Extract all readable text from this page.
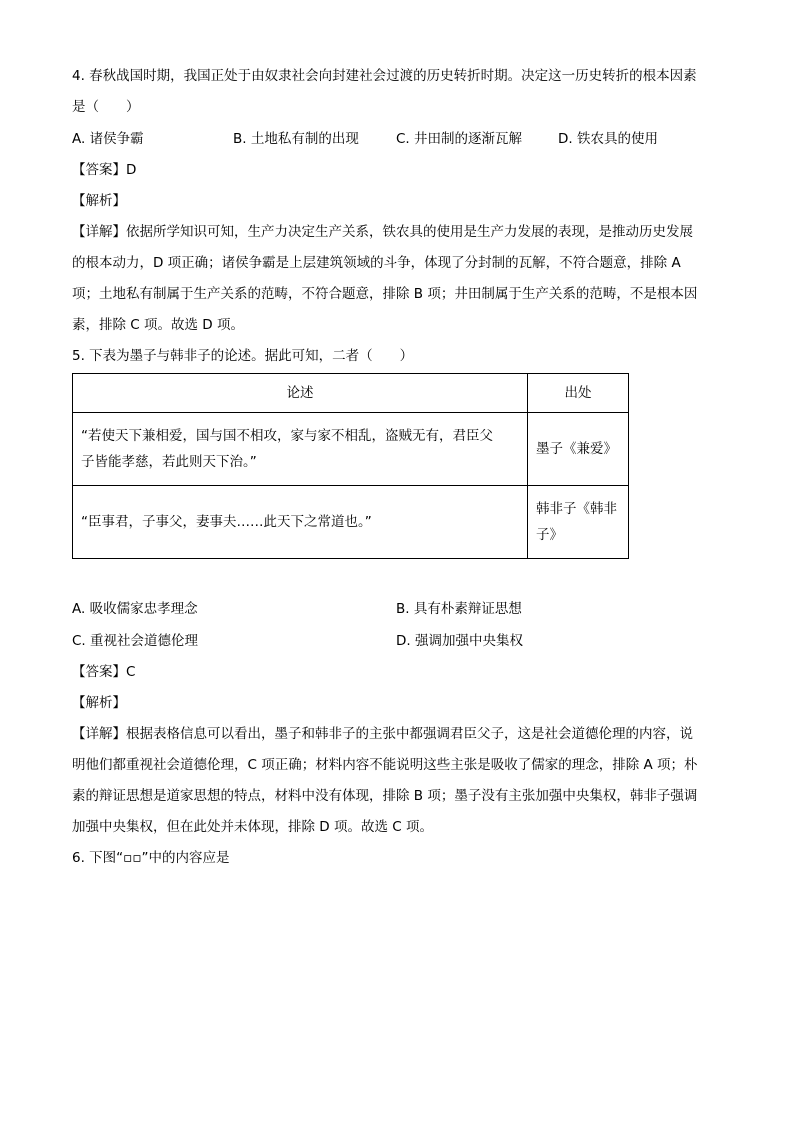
4. 春秋战国时期，我国正处于由奴隶社会向封建社会过渡的历史转折时期。决定这一历史转折的根本因素
是（　　）
A. 诸侯争霸	B. 土地私有制的出现	C. 井田制的逐渐瓦解	D. 铁农具的使用
【答案】D
【解析】
【详解】依据所学知识可知，生产力决定生产关系，铁农具的使用是生产力发展的表现，是推动历史发展
的根本动力，D 项正确；诸侯争霸是上层建筑领域的斗争，体现了分封制的瓦解，不符合题意，排除 A
项；土地私有制属于生产关系的范畴，不符合题意，排除 B 项；井田制属于生产关系的范畴，不是根本因
素，排除 C 项。故选 D 项。
5. 下表为墨子与韩非子的论述。据此可知，二者（　　）
论述	出处

“若使天下兼相爱，国与国不相攻，家与家不相乱，盗贼无有，君臣父
子皆能孝慈，若此则天下治。”	墨子《兼爱》

“臣事君，子事父，妻事夫……此天下之常道也。”	韩非子《韩非
子》
A. 吸收儒家忠孝理念	B. 具有朴素辩证思想
C. 重视社会道德伦理	D. 强调加强中央集权
【答案】C
【解析】
【详解】根据表格信息可以看出，墨子和韩非子的主张中都强调君臣父子，这是社会道德伦理的内容，说
明他们都重视社会道德伦理，C 项正确；材料内容不能说明这些主张是吸收了儒家的理念，排除 A 项；朴
素的辩证思想是道家思想的特点，材料中没有体现，排除 B 项；墨子没有主张加强中央集权，韩非子强调
加强中央集权，但在此处并未体现，排除 D 项。故选 C 项。
6. 下图“▫▫”中的内容应是
